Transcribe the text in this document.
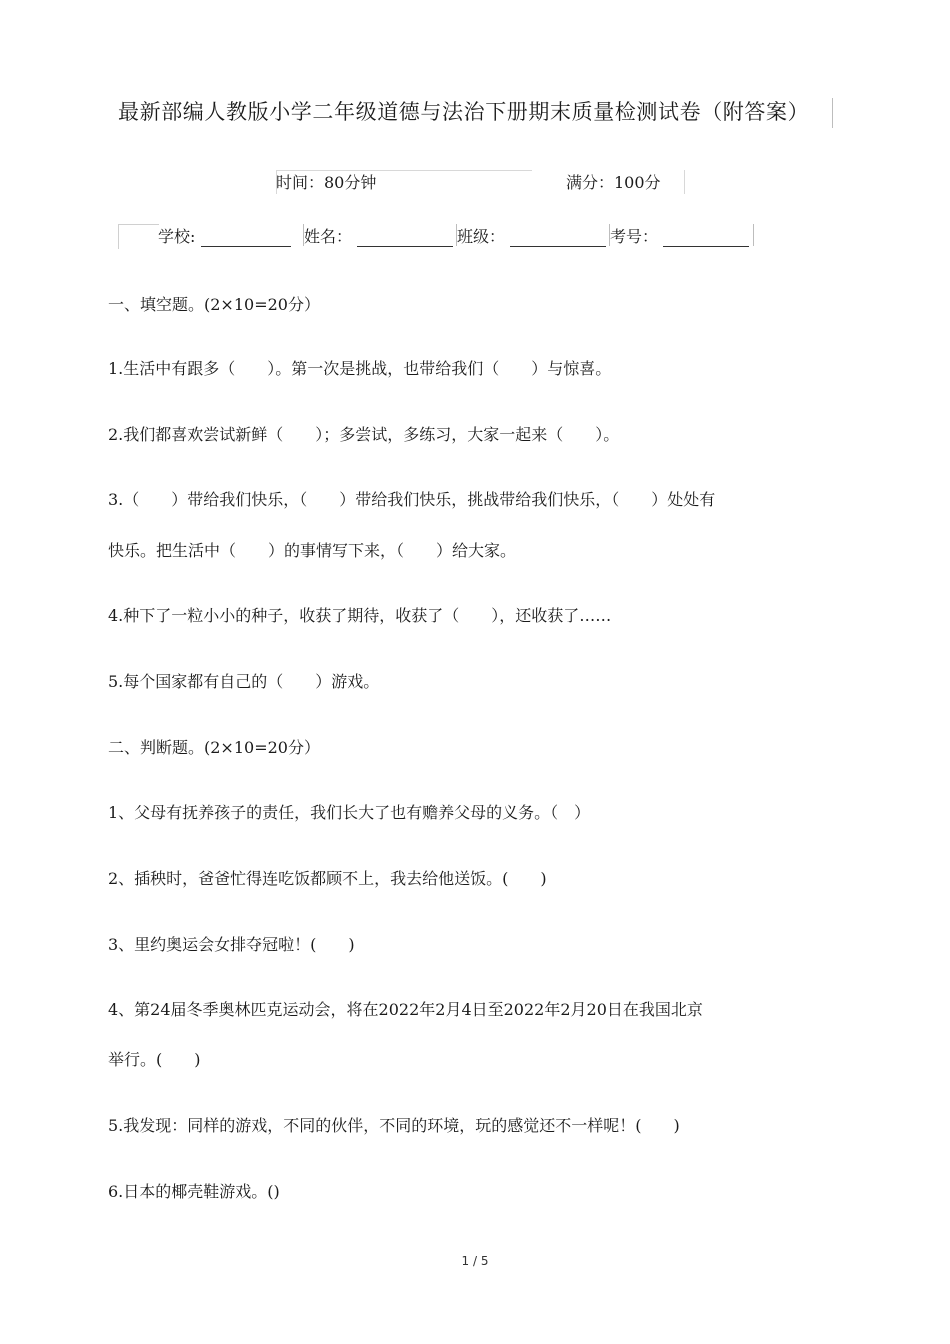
最新部编人教版小学二年级道德与法治下册期末质量检测试卷（附答案）
时间：80分钟	满分：100分
学校:	姓名：	班级：	考号：
一、填空题。(2×10=20分）
1.生活中有跟多（　　）。第一次是挑战，也带给我们（　　）与惊喜。
2.我们都喜欢尝试新鲜（　　）；多尝试，多练习，大家一起来（　　）。
3.（　　）带给我们快乐，（　　）带给我们快乐，挑战带给我们快乐，（　　）处处有
快乐。把生活中（　　）的事情写下来，（　　）给大家。
4.种下了一粒小小的种子，收获了期待，收获了（　　），还收获了……
5.每个国家都有自己的（　　）游戏。
二、判断题。(2×10=20分）
1、父母有抚养孩子的责任，我们长大了也有赡养父母的义务。（　）
2、插秧时，爸爸忙得连吃饭都顾不上，我去给他送饭。(　　)
3、里约奥运会女排夺冠啦！(　　)
4、第24届冬季奥林匹克运动会，将在2022年2月4日至2022年2月20日在我国北京
举行。(　　)
5.我发现：同样的游戏，不同的伙伴，不同的环境，玩的感觉还不一样呢！(　　)
6.日本的椰壳鞋游戏。()
1 / 5
